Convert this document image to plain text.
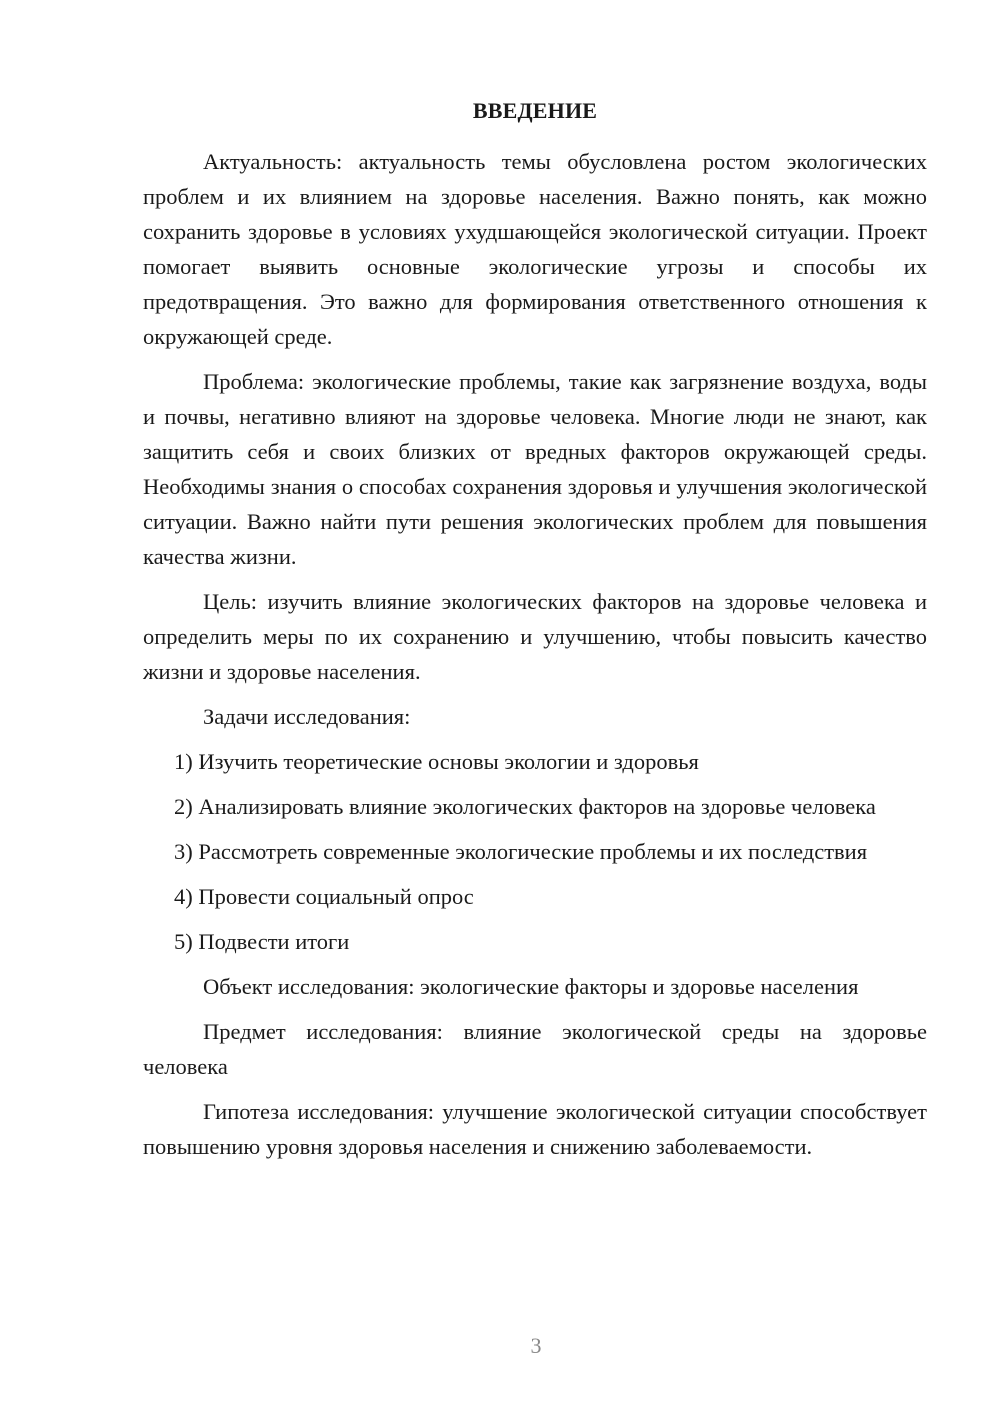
ВВЕДЕНИЕ

Актуальность: актуальность темы обусловлена ростом экологических проблем и их влиянием на здоровье населения. Важно понять, как можно сохранить здоровье в условиях ухудшающейся экологической ситуации. Проект помогает выявить основные экологические угрозы и способы их предотвращения. Это важно для формирования ответственного отношения к окружающей среде.

Проблема: экологические проблемы, такие как загрязнение воздуха, воды и почвы, негативно влияют на здоровье человека. Многие люди не знают, как защитить себя и своих близких от вредных факторов окружающей среды. Необходимы знания о способах сохранения здоровья и улучшения экологической ситуации. Важно найти пути решения экологических проблем для повышения качества жизни.

Цель: изучить влияние экологических факторов на здоровье человека и определить меры по их сохранению и улучшению, чтобы повысить качество жизни и здоровье населения.

Задачи исследования:

1) Изучить теоретические основы экологии и здоровья

2) Анализировать влияние экологических факторов на здоровье человека

3) Рассмотреть современные экологические проблемы и их последствия

4) Провести социальный опрос

5) Подвести итоги

Объект исследования: экологические факторы и здоровье населения

Предмет исследования: влияние экологической среды на здоровье человека

Гипотеза исследования: улучшение экологической ситуации способствует повышению уровня здоровья населения и снижению заболеваемости.

3
